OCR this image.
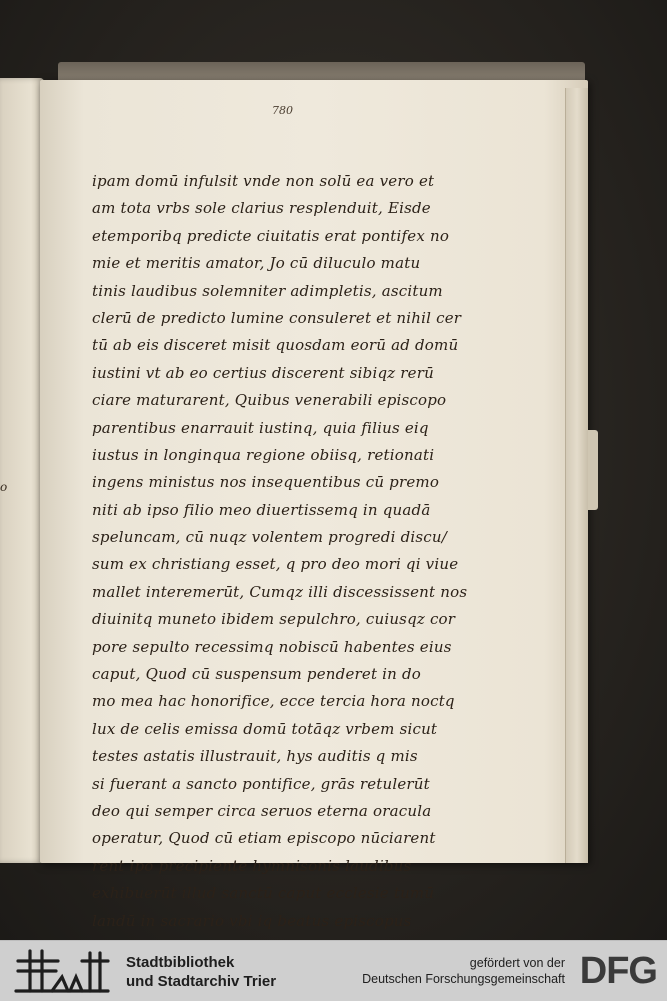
o
780
ipam domū infulsit vnde non solū ea vero et
am tota vrbs sole clarius resplenduit, Eisde
etemporibq predicte ciuitatis erat pontifex no
mie et meritis amator, Jo cū diluculo matu
tinis laudibus solemniter adimpletis, ascitum
clerū de predicto lumine consuleret et nihil cer
tū ab eis disceret misit quosdam eorū ad domū
iustini vt ab eo certius discerent sibiqz rerū
ciare maturarent, Quibus venerabili episcopo
parentibus enarrauit iustinq, quia filius eiq
iustus in longinqua regione obiisq, retionati
ingens ministus nos insequentibus cū premo
niti ab ipso filio meo diuertissemq in quadā
speluncam, cū nuqz volentem progredi discu/
sum ex christiang esset, q pro deo mori qi viue
mallet interemerūt, Cumqz illi discessissent nos
diuinitq muneto ibidem sepulchro, cuiusqz cor
pore sepulto recessimq nobiscū habentes eius
caput, Quod cū suspensum penderet in do
mo mea hac honorifice, ecce tercia hora noctq
lux de celis emissa domū totāqz vrbem sicut
testes astatis illustrauit, hys auditis q mis
si fuerant a sancto pontifice, grās retulerūt
deo qui semper circa seruos eterna oracula
operatur, Quod cū etiam episcopo nūciarent
rent ipo precipiente hymnisonis laudibus
exhibuerūt illud sanctū caput ecclesie tumū
landū in sacrario vbi iq beatus episcopus
Stadtbibliothek
und Stadtarchiv Trier
gefördert von der
Deutschen Forschungsgemeinschaft DFG
